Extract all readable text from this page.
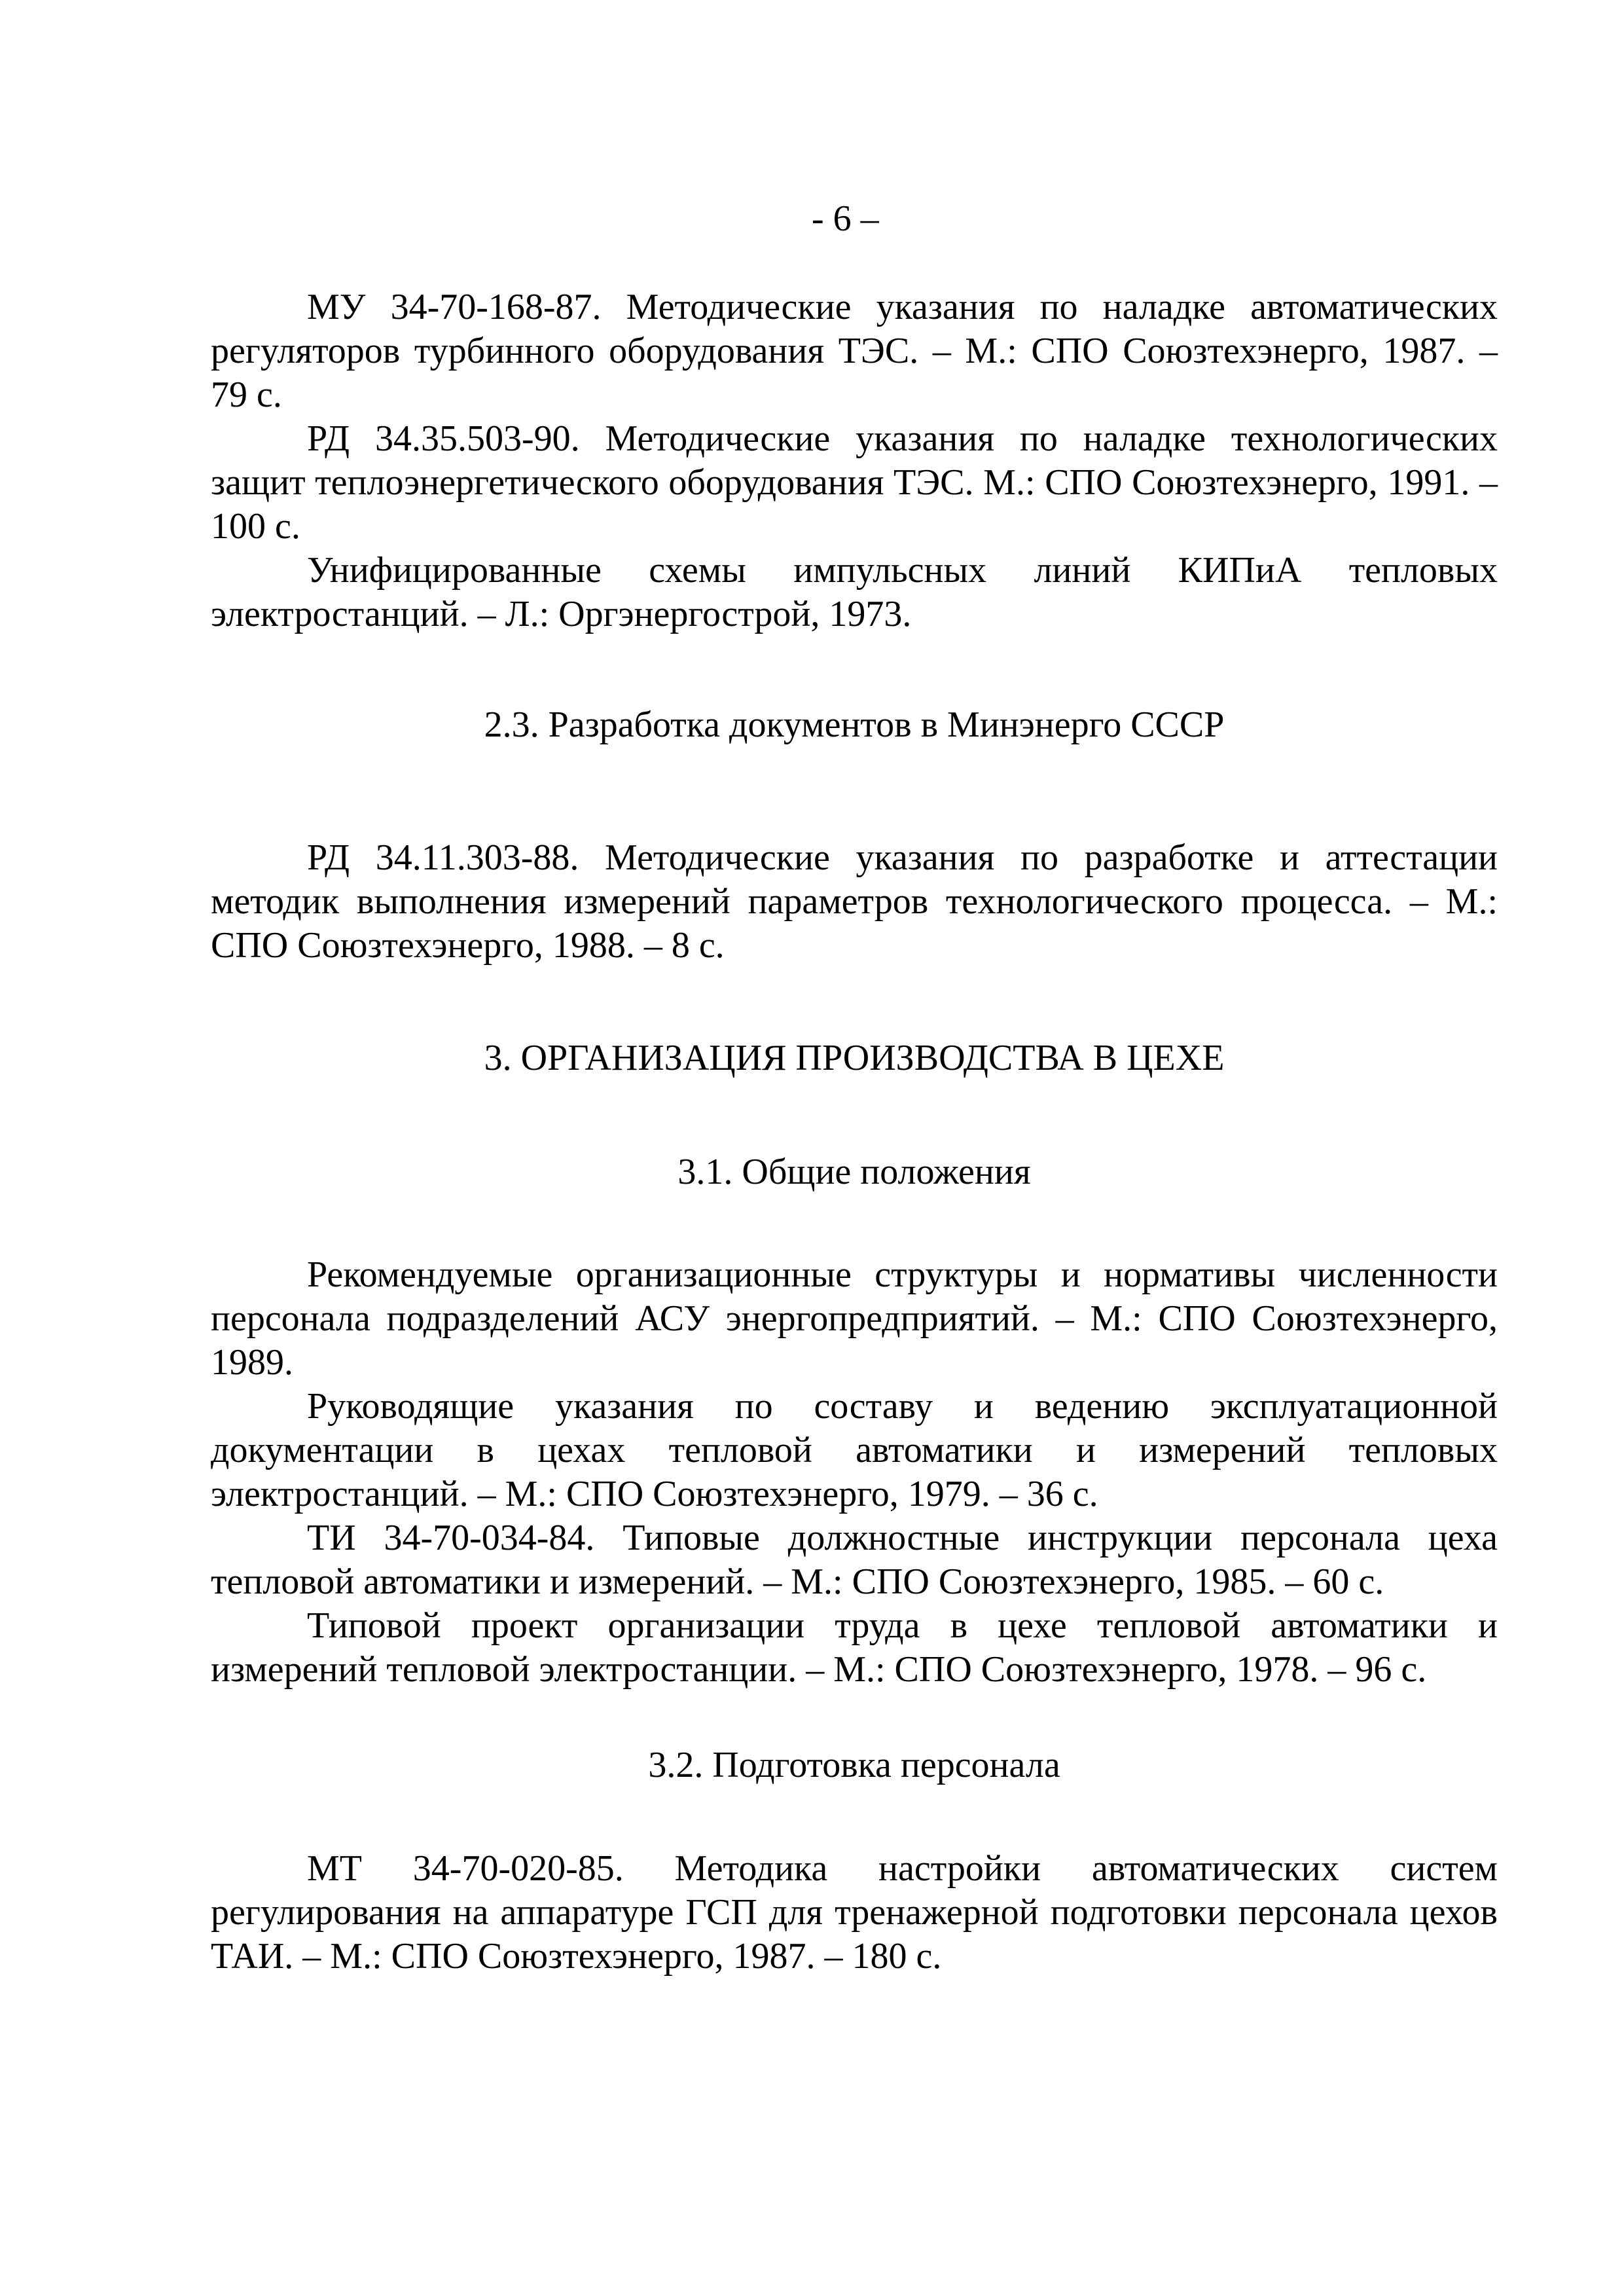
- 6 –

МУ 34-70-168-87. Методические указания по наладке автоматических регуляторов турбинного оборудования ТЭС. – М.: СПО Союзтехэнерго, 1987. – 79 с.

РД 34.35.503-90. Методические указания по наладке технологических защит теплоэнергетического оборудования ТЭС. М.: СПО Союзтехэнерго, 1991. – 100 с.

Унифицированные схемы импульсных линий КИПиА тепловых электростанций. – Л.: Оргэнергострой, 1973.

2.3. Разработка документов в Минэнерго СССР

РД 34.11.303-88. Методические указания по разработке и аттестации методик выполнения измерений параметров технологического процесса. – М.: СПО Союзтехэнерго, 1988. – 8 с.

3. ОРГАНИЗАЦИЯ ПРОИЗВОДСТВА В ЦЕХЕ
3.1. Общие положения

Рекомендуемые организационные структуры и нормативы численности персонала подразделений АСУ энергопредприятий. – М.: СПО Союзтехэнерго, 1989.

Руководящие указания по составу и ведению эксплуатационной документации в цехах тепловой автоматики и измерений тепловых электростанций. – М.: СПО Союзтехэнерго, 1979. – 36 с.

ТИ 34-70-034-84. Типовые должностные инструкции персонала цеха тепловой автоматики и измерений. – М.: СПО Союзтехэнерго, 1985. – 60 с.

Типовой проект организации труда в цехе тепловой автоматики и измерений тепловой электростанции. – М.: СПО Союзтехэнерго, 1978. – 96 с.

3.2. Подготовка персонала

МТ 34-70-020-85. Методика настройки автоматических систем регулирования на аппаратуре ГСП для тренажерной подготовки персонала цехов ТАИ. – М.: СПО Союзтехэнерго, 1987. – 180 с.
